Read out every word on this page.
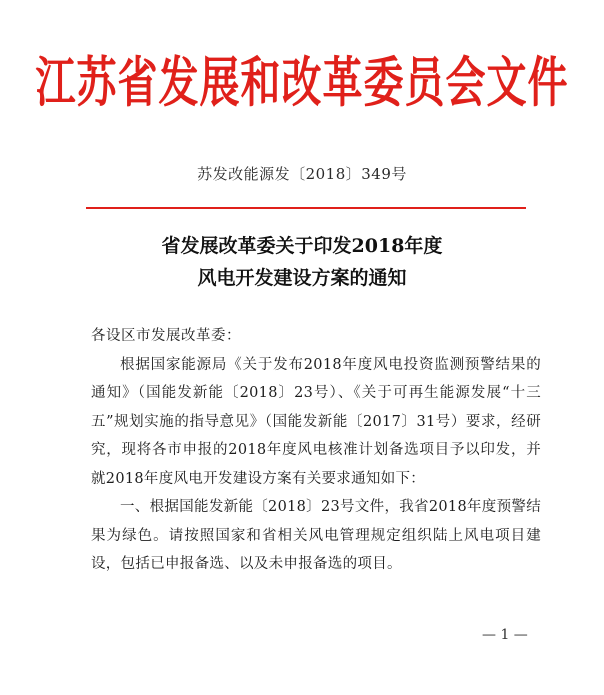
江苏省发展和改革委员会文件
苏发改能源发〔2018〕349号
省发展改革委关于印发2018年度
风电开发建设方案的通知
各设区市发展改革委：
根据国家能源局《关于发布2018年度风电投资监测预警结果的通知》（国能发新能〔2018〕23号）、《关于可再生能源发展“十三五”规划实施的指导意见》（国能发新能〔2017〕31号）要求，经研究，现将各市申报的2018年度风电核准计划备选项目予以印发，并就2018年度风电开发建设方案有关要求通知如下：
一、根据国能发新能〔2018〕23号文件，我省2018年度预警结果为绿色。请按照国家和省相关风电管理规定组织陆上风电项目建设，包括已申报备选、以及未申报备选的项目。
— 1 —
